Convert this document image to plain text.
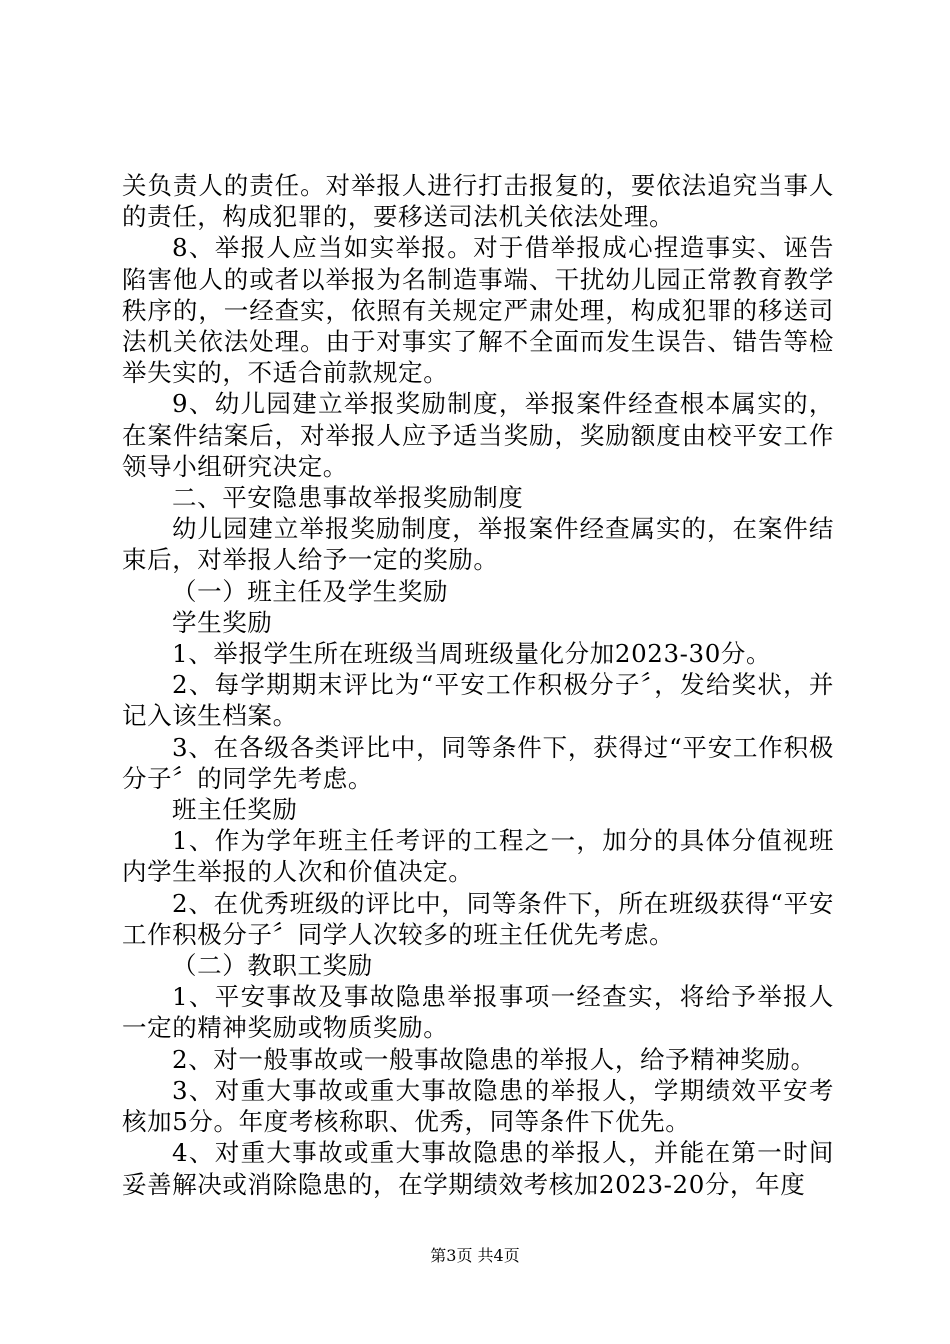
关负责人的责任。对举报人进行打击报复的，要依法追究当事人的责任，构成犯罪的，要移送司法机关依法处理。

8、举报人应当如实举报。对于借举报成心捏造事实、诬告陷害他人的或者以举报为名制造事端、干扰幼儿园正常教育教学秩序的，一经查实，依照有关规定严肃处理，构成犯罪的移送司法机关依法处理。由于对事实了解不全面而发生误告、错告等检举失实的，不适合前款规定。

9、幼儿园建立举报奖励制度，举报案件经查根本属实的，在案件结案后，对举报人应予适当奖励，奖励额度由校平安工作领导小组研究决定。

二、平安隐患事故举报奖励制度

幼儿园建立举报奖励制度，举报案件经查属实的，在案件结束后，对举报人给予一定的奖励。

（一）班主任及学生奖励

学生奖励

1、举报学生所在班级当周班级量化分加2023-30分。

2、每学期期末评比为“平安工作积极分子〞，发给奖状，并记入该生档案。

3、在各级各类评比中，同等条件下，获得过“平安工作积极分子〞的同学先考虑。

班主任奖励

1、作为学年班主任考评的工程之一，加分的具体分值视班内学生举报的人次和价值决定。

2、在优秀班级的评比中，同等条件下，所在班级获得“平安工作积极分子〞同学人次较多的班主任优先考虑。

（二）教职工奖励

1、平安事故及事故隐患举报事项一经查实，将给予举报人一定的精神奖励或物质奖励。

2、对一般事故或一般事故隐患的举报人，给予精神奖励。

3、对重大事故或重大事故隐患的举报人，学期绩效平安考核加5分。年度考核称职、优秀，同等条件下优先。

4、对重大事故或重大事故隐患的举报人，并能在第一时间妥善解决或消除隐患的，在学期绩效考核加2023-20分，年度

第3页 共4页
